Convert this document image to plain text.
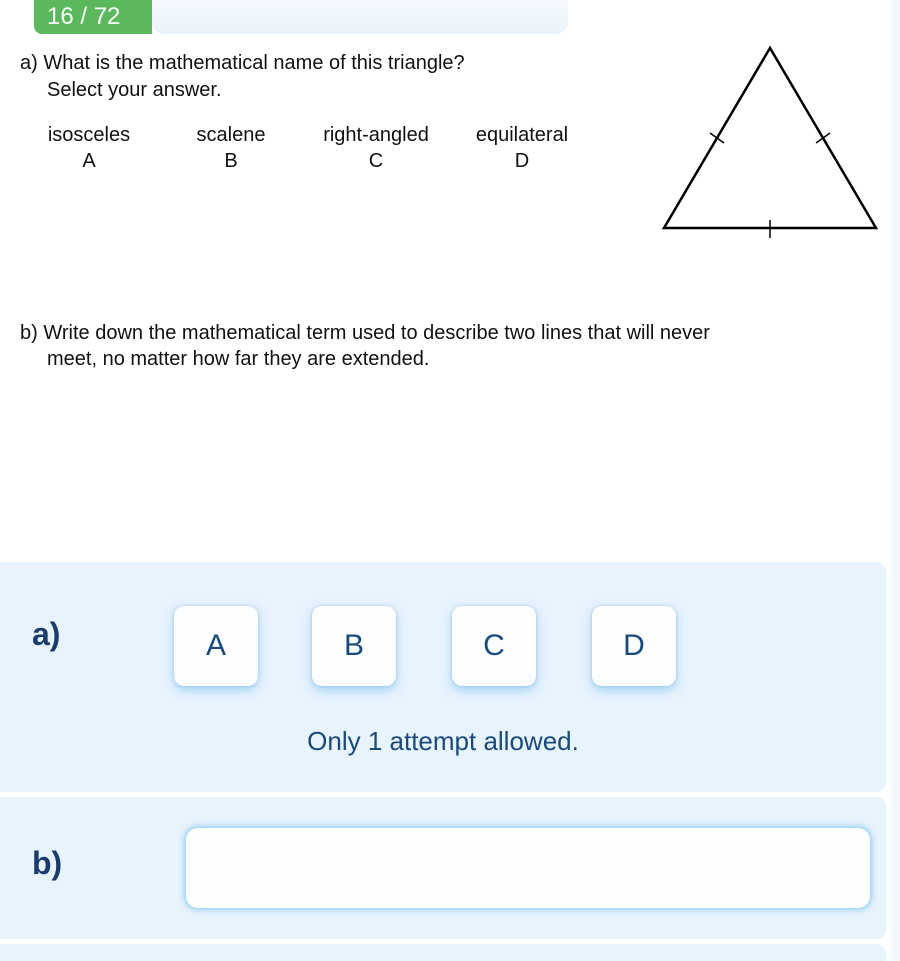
16 / 72
a) What is the mathematical name of this triangle?
Select your answer.
isosceles
A
scalene
B
right-angled
C
equilateral
D
b) Write down the mathematical term used to describe two lines that will never
meet, no matter how far they are extended.
a)	A	B	C	D
Only 1 attempt allowed.
b)
